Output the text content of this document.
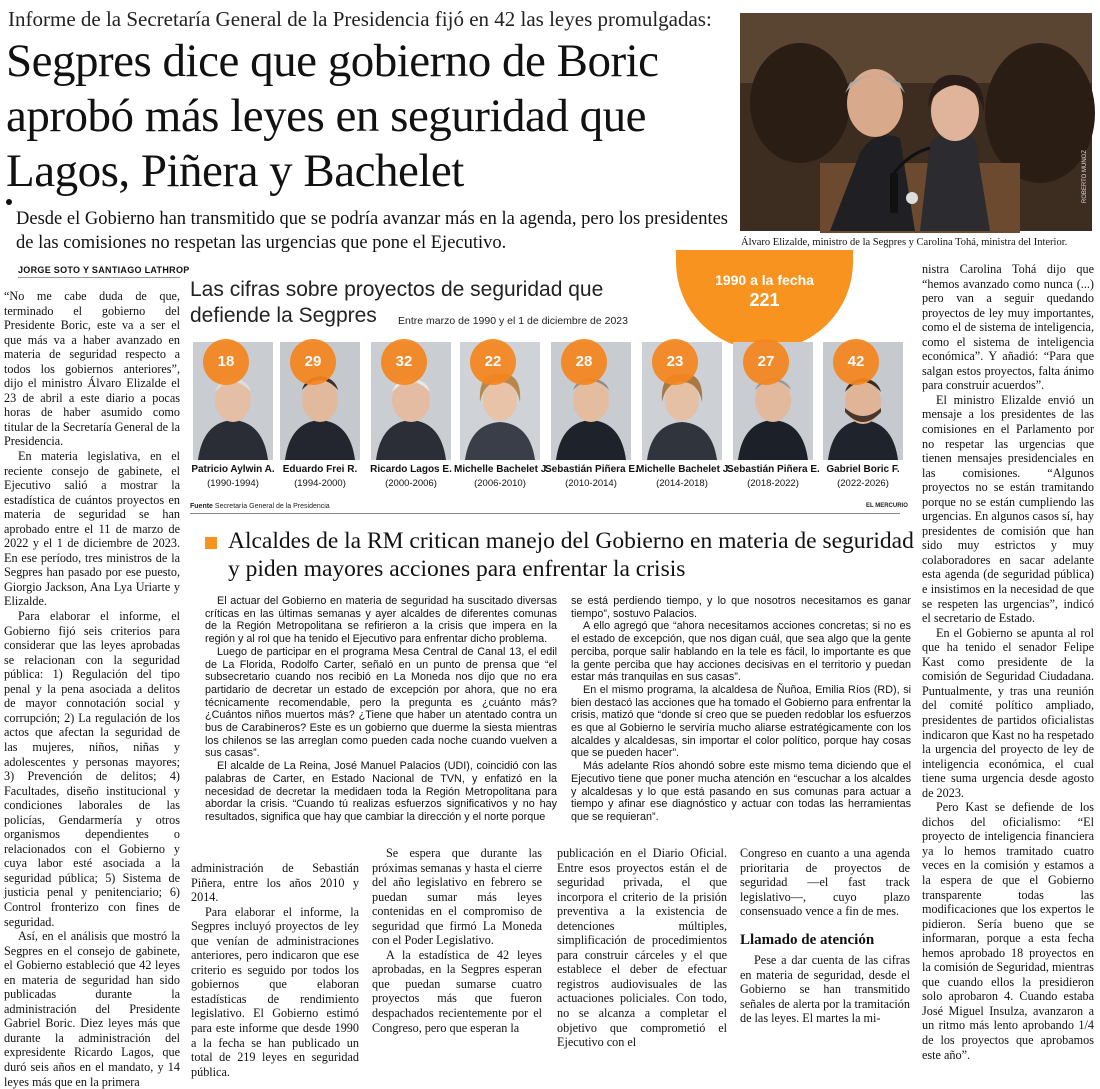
Informe de la Secretaría General de la Presidencia fijó en 42 las leyes promulgadas:
Segpres dice que gobierno de Boric aprobó más leyes en seguridad que Lagos, Piñera y Bachelet
Desde el Gobierno han transmitido que se podría avanzar más en la agenda, pero los presidentes de las comisiones no respetan las urgencias que pone el Ejecutivo.
ROBERTO MUÑOZ
Álvaro Elizalde, ministro de la Segpres y Carolina Tohá, ministra del Interior.
JORGE SOTO Y SANTIAGO LATHROP

“No me cabe duda de que, terminado el gobierno del Presidente Boric, este va a ser el que más va a haber avanzado en materia de seguridad respecto a todos los gobiernos anteriores”, dijo el ministro Álvaro Elizalde el 23 de abril a este diario a pocas horas de haber asumido como titular de la Secretaría General de la Presidencia.

En materia legislativa, en el reciente consejo de gabinete, el Ejecutivo salió a mostrar la estadística de cuántos proyectos en materia de seguridad se han aprobado entre el 11 de marzo de 2022 y el 1 de diciembre de 2023. En ese período, tres ministros de la Segpres han pasado por ese puesto, Giorgio Jackson, Ana Lya Uriarte y Elizalde.

Para elaborar el informe, el Gobierno fijó seis criterios para considerar que las leyes aprobadas se relacionan con la seguridad pública: 1) Regulación del tipo penal y la pena asociada a delitos de mayor connotación social y corrupción; 2) La regulación de los actos que afectan la seguridad de las mujeres, niños, niñas y adolescentes y personas mayores; 3) Prevención de delitos; 4) Facultades, diseño institucional y condiciones laborales de las policías, Gendarmería y otros organismos dependientes o relacionados con el Gobierno y cuya labor esté asociada a la seguridad pública; 5) Sistema de justicia penal y penitenciario; 6) Control fronterizo con fines de seguridad.

Así, en el análisis que mostró la Segpres en el consejo de gabinete, el Gobierno estableció que 42 leyes en materia de seguridad han sido publicadas durante la administración del Presidente Gabriel Boric. Diez leyes más que durante la administración del expresidente Ricardo Lagos, que duró seis años en el mandato, y 14 leyes más que en la primera

Las cifras sobre proyectos de seguridad que defiende la Segpres	Entre marzo de 1990 y el 1 de diciembre de 2023
1990 a la fecha
221
18
Patricio Aylwin A.
(1990-1994)
29
Eduardo Frei R.
(1994-2000)
32
Ricardo Lagos E.
(2000-2006)
22
Michelle Bachelet J.
(2006-2010)
28
Sebastián Piñera E.
(2010-2014)
23
Michelle Bachelet J.
(2014-2018)
27
Sebastián Piñera E.
(2018-2022)
42
Gabriel Boric F.
(2022-2026)
Fuente Secretaría General de la Presidencia	EL MERCURIO
Alcaldes de la RM critican manejo del Gobierno en materia de seguridad y piden mayores acciones para enfrentar la crisis

El actuar del Gobierno en materia de seguridad ha suscitado diversas críticas en las últimas semanas y ayer alcaldes de diferentes comunas de la Región Metropolitana se refirieron a la crisis que impera en la región y al rol que ha tenido el Ejecutivo para enfrentar dicho problema.

Luego de participar en el programa Mesa Central de Canal 13, el edil de La Florida, Rodolfo Carter, señaló en un punto de prensa que “el subsecretario cuando nos recibió en La Moneda nos dijo que no era partidario de decretar un estado de excepción por ahora, que no era técnicamente recomendable, pero la pregunta es ¿cuánto más? ¿Cuántos niños muertos más? ¿Tiene que haber un atentado contra un bus de Carabineros? Este es un gobierno que duerme la siesta mientras los chilenos se las arreglan como pueden cada noche cuando vuelven a sus casas”.

El alcalde de La Reina, José Manuel Palacios (UDI), coincidió con las palabras de Carter, en Estado Nacional de TVN, y enfatizó en la necesidad de decretar la medidaen toda la Región Metropolitana para abordar la crisis. “Cuando tú realizas esfuerzos significativos y no hay resultados, significa que hay que cambiar la dirección y el norte porque

se está perdiendo tiempo, y lo que nosotros necesitamos es ganar tiempo”, sostuvo Palacios.

A ello agregó que “ahora necesitamos acciones concretas; si no es el estado de excepción, que nos digan cuál, que sea algo que la gente perciba, porque salir hablando en la tele es fácil, lo importante es que la gente perciba que hay acciones decisivas en el territorio y puedan estar más tranquilas en sus casas”.

En el mismo programa, la alcaldesa de Ñuñoa, Emilia Ríos (RD), si bien destacó las acciones que ha tomado el Gobierno para enfrentar la crisis, matizó que “donde sí creo que se pueden redoblar los esfuerzos es que al Gobierno le serviría mucho aliarse estratégicamente con los alcaldes y alcaldesas, sin importar el color político, porque hay cosas que se pueden hacer”.

Más adelante Ríos ahondó sobre este mismo tema diciendo que el Ejecutivo tiene que poner mucha atención en “escuchar a los alcaldes y alcaldesas y lo que está pasando en sus comunas para actuar a tiempo y afinar ese diagnóstico y actuar con todas las herramientas que se requieran”.

administración de Sebastián Piñera, entre los años 2010 y 2014.

Para elaborar el informe, la Segpres incluyó proyectos de ley que venían de administraciones anteriores, pero indicaron que ese criterio es seguido por todos los gobiernos que elaboran estadísticas de rendimiento legislativo. El Gobierno estimó para este informe que desde 1990 a la fecha se han publicado un total de 219 leyes en seguridad pública.

Se espera que durante las próximas semanas y hasta el cierre del año legislativo en febrero se puedan sumar más leyes contenidas en el compromiso de seguridad que firmó La Moneda con el Poder Legislativo.

A la estadística de 42 leyes aprobadas, en la Segpres esperan que puedan sumarse cuatro proyectos más que fueron despachados recientemente por el Congreso, pero que esperan la

publicación en el Diario Oficial. Entre esos proyectos están el de seguridad privada, el que incorpora el criterio de la prisión preventiva a la existencia de detenciones múltiples, simplificación de procedimientos para construir cárceles y el que establece el deber de efectuar registros audiovisuales de las actuaciones policiales. Con todo, no se alcanza a completar el objetivo que comprometió el Ejecutivo con el

Congreso en cuanto a una agenda prioritaria de proyectos de seguridad —el fast track legislativo—, cuyo plazo consensuado vence a fin de mes.

Llamado de atención

Pese a dar cuenta de las cifras en materia de seguridad, desde el Gobierno se han transmitido señales de alerta por la tramitación de las leyes. El martes la mi-

nistra Carolina Tohá dijo que “hemos avanzado como nunca (...) pero van a seguir quedando proyectos de ley muy importantes, como el de sistema de inteligencia, como el sistema de inteligencia económica”. Y añadió: “Para que salgan estos proyectos, falta ánimo para construir acuerdos”.

El ministro Elizalde envió un mensaje a los presidentes de las comisiones en el Parlamento por no respetar las urgencias que tienen mensajes presidenciales en las comisiones. “Algunos proyectos no se están tramitando porque no se están cumpliendo las urgencias. En algunos casos sí, hay presidentes de comisión que han sido muy estrictos y muy colaboradores en sacar adelante esta agenda (de seguridad pública) e insistimos en la necesidad de que se respeten las urgencias”, indicó el secretario de Estado.

En el Gobierno se apunta al rol que ha tenido el senador Felipe Kast como presidente de la comisión de Seguridad Ciudadana. Puntualmente, y tras una reunión del comité político ampliado, presidentes de partidos oficialistas indicaron que Kast no ha respetado la urgencia del proyecto de ley de inteligencia económica, el cual tiene suma urgencia desde agosto de 2023.

Pero Kast se defiende de los dichos del oficialismo: “El proyecto de inteligencia financiera ya lo hemos tramitado cuatro veces en la comisión y estamos a la espera de que el Gobierno transparente todas las modificaciones que los expertos le pidieron. Sería bueno que se informaran, porque a esta fecha hemos aprobado 18 proyectos en la comisión de Seguridad, mientras que cuando ellos la presidieron solo aprobaron 4. Cuando estaba José Miguel Insulza, avanzaron a un ritmo más lento aprobando 1/4 de los proyectos que aprobamos este año”.
